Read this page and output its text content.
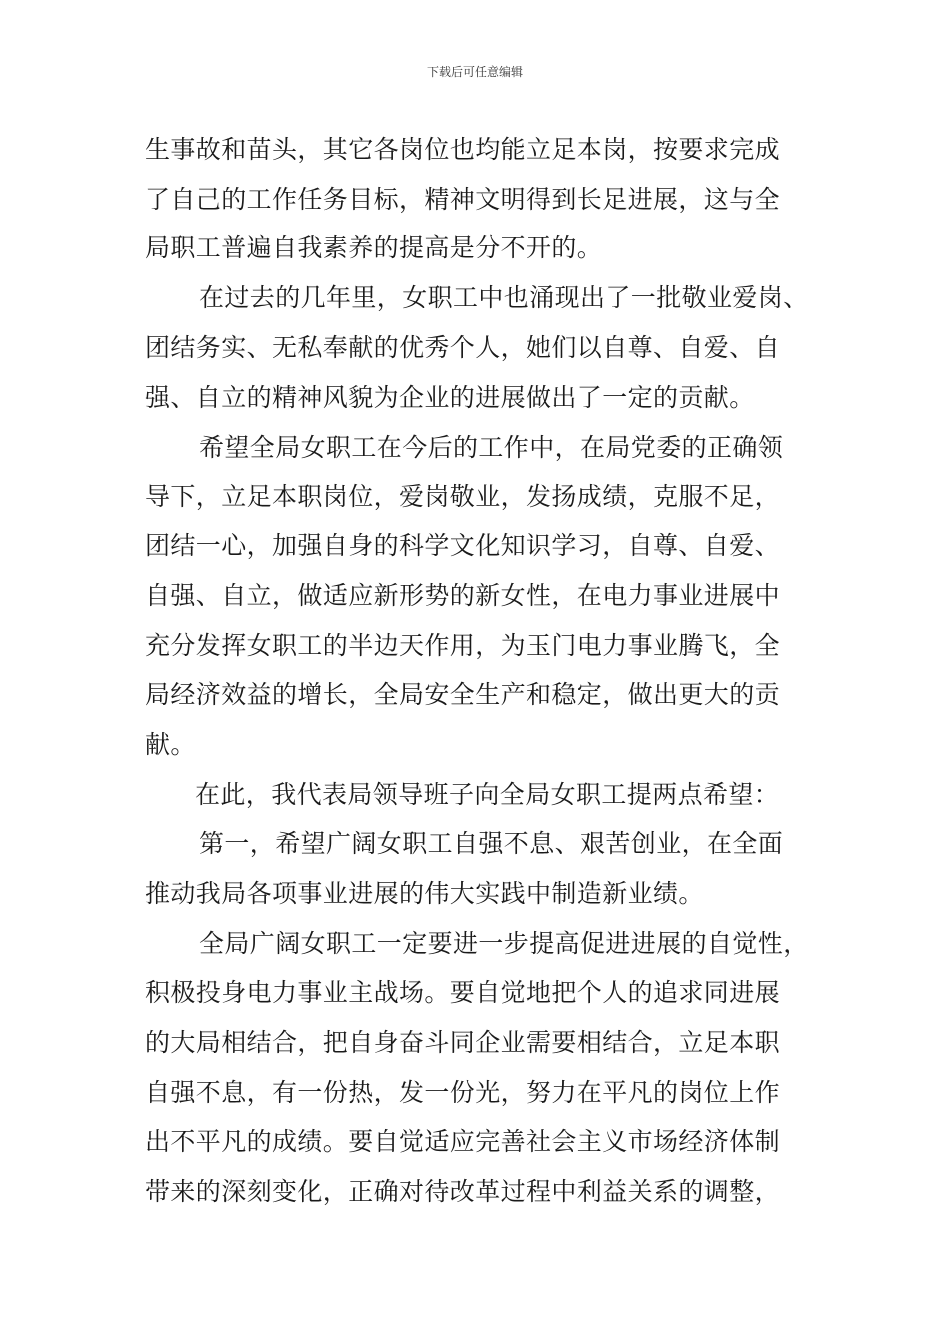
下载后可任意编辑
生事故和苗头，其它各岗位也均能立足本岗，按要求完成
了自己的工作任务目标，精神文明得到长足进展，这与全
局职工普遍自我素养的提高是分不开的。
在过去的几年里，女职工中也涌现出了一批敬业爱岗、
团结务实、无私奉献的优秀个人，她们以自尊、自爱、自
强、自立的精神风貌为企业的进展做出了一定的贡献。
希望全局女职工在今后的工作中，在局党委的正确领
导下，立足本职岗位，爱岗敬业，发扬成绩，克服不足，
团结一心，加强自身的科学文化知识学习，自尊、自爱、
自强、自立，做适应新形势的新女性，在电力事业进展中
充分发挥女职工的半边天作用，为玉门电力事业腾飞，全
局经济效益的增长，全局安全生产和稳定，做出更大的贡
献。
在此，我代表局领导班子向全局女职工提两点希望：
第一，希望广阔女职工自强不息、艰苦创业，在全面
推动我局各项事业进展的伟大实践中制造新业绩。
全局广阔女职工一定要进一步提高促进进展的自觉性，
积极投身电力事业主战场。要自觉地把个人的追求同进展
的大局相结合，把自身奋斗同企业需要相结合，立足本职
自强不息，有一份热，发一份光，努力在平凡的岗位上作
出不平凡的成绩。要自觉适应完善社会主义市场经济体制
带来的深刻变化，正确对待改革过程中利益关系的调整，
